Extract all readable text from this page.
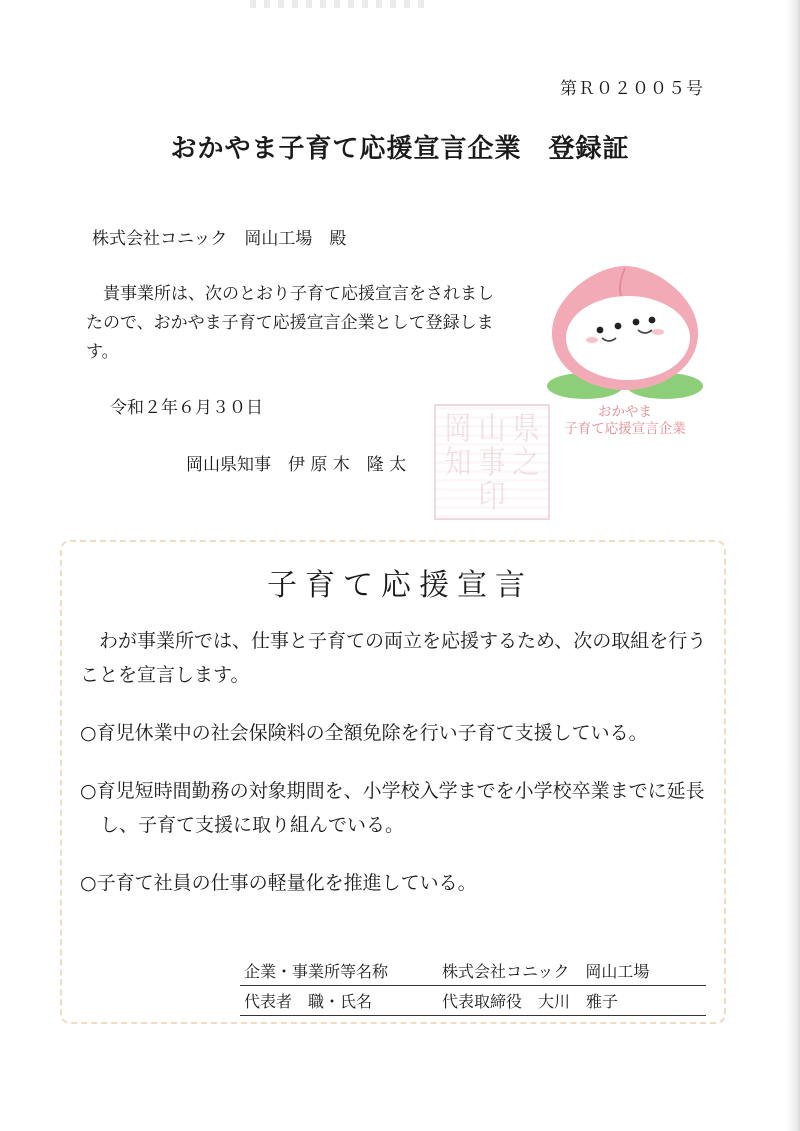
第Ｒ０２００５号
おかやま子育て応援宣言企業　登録証
株式会社コニック　岡山工場　殿
　貴事業所は、次のとおり子育て応援宣言をされましたので、おかやま子育て応援宣言企業として登録します。
令和２年６月３０日
岡山県知事　伊 原 木　隆 太
岡 山 県
知 事 之
印
おかやま
子育て応援宣言企業
子育て応援宣言
　わが事業所では、仕事と子育ての両立を応援するため、次の取組を行うことを宣言します。
○育児休業中の社会保険料の全額免除を行い子育て支援している。
○育児短時間勤務の対象期間を、小学校入学までを小学校卒業までに延長し、子育て支援に取り組んでいる。
○子育て社員の仕事の軽量化を推進している。
企業・事業所等名称	株式会社コニック　岡山工場
代表者　職・氏名	代表取締役　大川　雅子
